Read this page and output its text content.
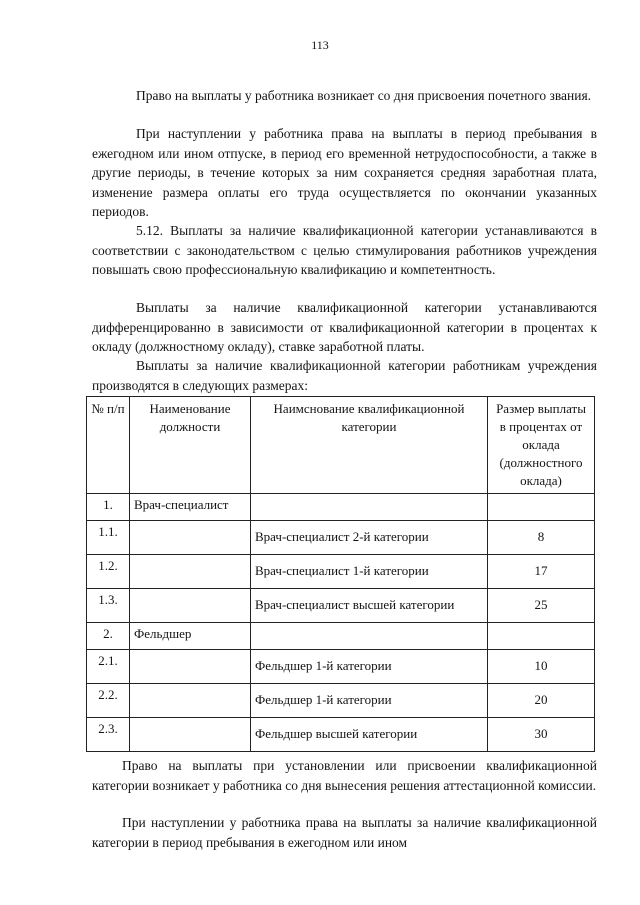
113

Право на выплаты у работника возникает со дня присвоения почетного звания.

При наступлении у работника права на выплаты в период пребывания в ежегодном или ином отпуске, в период его временной нетрудоспособности, а также в другие периоды, в течение которых за ним сохраняется средняя заработная плата, изменение размера оплаты его труда осуществляется по окончании указанных периодов.

5.12. Выплаты за наличие квалификационной категории устанавливаются в соответствии с законодательством с целью стимулирования работников учреждения повышать свою профессиональную квалификацию и компетентность.

Выплаты за наличие квалификационной категории устанавливаются дифференцированно в зависимости от квалификационной категории в процентах к окладу (должностному окладу), ставке заработной платы.

Выплаты за наличие квалификационной категории работникам учреждения производятся в следующих размерах:

№ п/п	Наименование должности	Наимснование квалификационной категории	Размер выплаты в процентах от оклада (должностного оклада)
1.	Врач-специалист		
1.1.		Врач-специалист 2-й категории	8
1.2.		Врач-специалист 1-й категории	17
1.3.		Врач-специалист высшей категории	25
2.	Фельдшер		
2.1.		Фельдшер 1-й категории	10
2.2.		Фельдшер 1-й категории	20
2.3.		Фельдшер высшей категории	30

Право на выплаты при установлении или присвоении квалификационной категории возникает у работника со дня вынесения решения аттестационной комиссии.

При наступлении у работника права на выплаты за наличие квалификационной категории в период пребывания в ежегодном или ином
